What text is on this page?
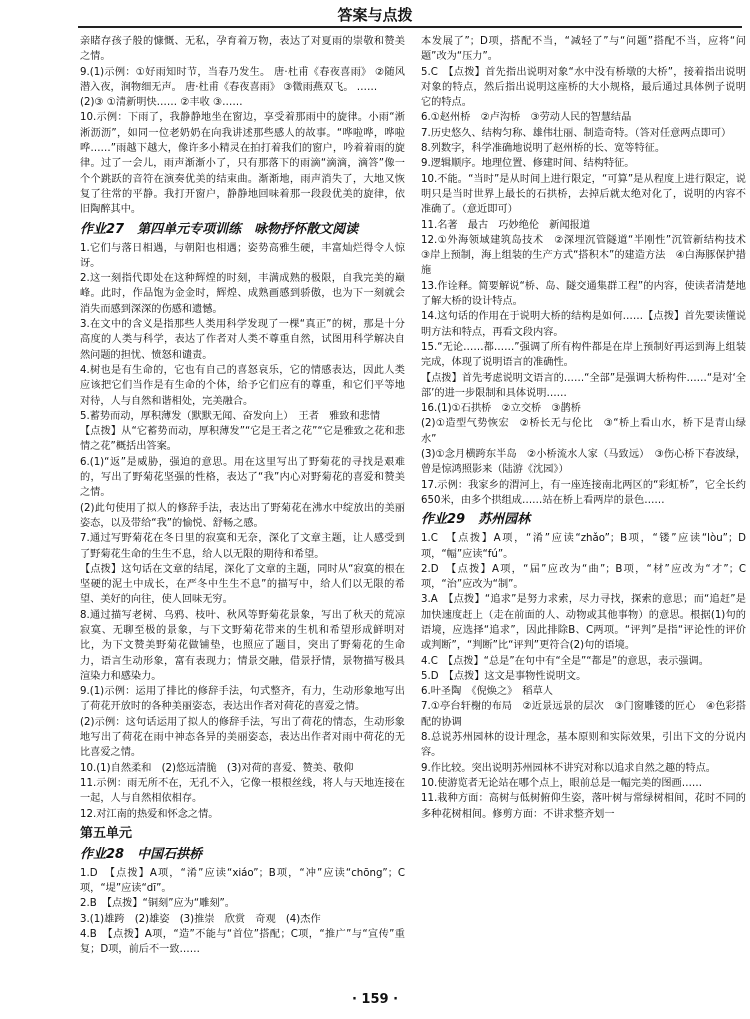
答案与点拨

亲睹存孩子般的慷慨、无私，孕育着万物，表达了对夏雨的崇敬和赞美之情。

9.(1)示例：①好雨知时节，当春乃发生。 唐·杜甫《春夜喜雨》 ②随风潜入夜，润物细无声。 唐·杜甫《春夜喜雨》 ③微雨燕双飞。 ……

(2)③ ①清新明快…… ②丰收 ③……

10.示例：下雨了，我静静地坐在窗边，享受着那雨中的旋律。小雨“淅淅沥沥”，如同一位老奶奶在向我讲述那些感人的故事。“哗啦哗，哗啦哗……”雨越下越大，像许多小精灵在拍打着我们的窗户，吟着着雨的旋律。过了一会儿，雨声渐渐小了，只有那落下的雨滴“滴滴，滴答”像一个个跳跃的音符在演奏优美的结束曲。渐渐地，雨声消失了，大地又恢复了往常的平静。我打开窗户，静静地回味着那一段段优美的旋律，依旧陶醉其中。

作业27　第四单元专项训练　咏物抒怀散文阅读

1.它们与落日相遇，与朝阳也相遇；姿势高雅生硬，丰富灿烂得令人惊讶。

2.这一刻指代即处在这种辉煌的时刻，丰满成熟的极限，自我完美的巅峰。此时，作品饱为金金时，辉煌、成熟画感到骄傲，也为下一刻就会消失而感到深深的伤感和遗憾。

3.在文中的含义是指那些人类用科学发现了一棵“真正”的树，那是十分高度的人类与科学，表达了作者对人类不尊重自然，试图用科学解决自然问题的担忧、愤怒和谴责。

4.树也是有生命的，它也有自己的喜怒哀乐，它的情感表达，因此人类应该把它们当作是有生命的个体，给予它们应有的尊重，和它们平等地对待，人与自然和谐相处，完美融合。

5.蓄势而动，厚积薄发（默默无闻、奋发向上）　王者　雅致和悲情

【点拨】从“它蓄势而动，厚积薄发”“它是王者之花”“它是雅致之花和悲情之花”概括出答案。

6.(1)“返”是威胁，强迫的意思。用在这里写出了野菊花的寻找是艰难的，写出了野菊花坚强的性格，表达了“我”内心对野菊花的喜爱和赞美之情。

(2)此句使用了拟人的修辞手法，表达出了野菊花在沸水中绽放出的美丽姿态，以及带给“我”的愉悦、舒畅之感。

7.通过写野菊花在冬日里的寂寞和无奈，深化了文章主题，让人感受到了野菊花生命的生生不息，给人以无限的期待和希望。

【点拨】这句话在文章的结尾，深化了文章的主题，同时从“寂寞的根在坚硬的泥土中成长，在严冬中生生不息”的描写中，给人们以无限的希望、美好的向往，使人回味无穷。

8.通过描写老树、乌鸦、枝叶、秋风等野菊花景象，写出了秋天的荒凉寂寞、无聊至极的景象，与下文野菊花带来的生机和希望形成鲜明对比，为下文赞美野菊花做铺垫，也照应了题目，突出了野菊花的生命力，语言生动形象，富有表现力；情景交融，借景抒情，景物描写极具渲染力和感染力。

9.(1)示例：运用了排比的修辞手法，句式整齐，有力，生动形象地写出了荷花开放时的各种美丽姿态，表达出作者对荷花的喜爱之情。

(2)示例：这句话运用了拟人的修辞手法，写出了荷花的情态，生动形象地写出了荷花在雨中神态各异的美丽姿态，表达出作者对雨中荷花的无比喜爱之情。

10.(1)自然柔和　(2)悠远清脆　(3)对荷的喜爱、赞美、敬仰

11.示例：雨无所不在，无孔不入，它像一根根丝线，将人与天地连接在一起，人与自然相依相存。

12.对江南的热爱和怀念之情。

第五单元

作业28　中国石拱桥

1.D　【点拨】A项，“淆”应读“xiáo”；B项，“冲”应读“chōng”；C项，“堤”应读“dī”。

2.B　【点拨】“铜刻”应为“雕刻”。

3.(1)雄跨　(2)雄姿　(3)推崇　欣赏　奇观　(4)杰作

4.B　【点拨】A项，“造”不能与“首位”搭配；C项，“推广”与“宣传”重复；D项，前后不一致……

本发展了”；D项，搭配不当，“减轻了”与“问题”搭配不当，应将“问题”改为“压力”。

5.C　【点拨】首先指出说明对象“水中没有桥墩的大桥”，接着指出说明对象的特点，然后指出说明这座桥的大小规格，最后通过具体例子说明它的特点。

6.①赵州桥　②卢沟桥　③劳动人民的智慧结晶

7.历史悠久、结构匀称、雄伟壮丽、制造奇特。（答对任意两点即可）

8.列数字，科学准确地说明了赵州桥的长、宽等特征。

9.逻辑顺序。地理位置、修建时间、结构特征。

10.不能。“当时”是从时间上进行限定，“可算”是从程度上进行限定，说明只是当时世界上最长的石拱桥，去掉后就太绝对化了，说明的内容不准确了。（意近即可）

11.名著　最古　巧妙绝伦　新闻报道

12.①外海领域建筑岛技术　②深埋沉管隧道“半刚性”沉管新结构技术　③岸上预制，海上组装的生产方式“搭积木”的建造方法　④白海豚保护措施

13.作诠释。简要解说“桥、岛、隧交通集群工程”的内容，使读者清楚地了解大桥的设计特点。

14.这句话的作用在于说明大桥的结构是如何……【点拨】首先要读懂说明方法和特点，再看文段内容。

15.“无论……都……”强调了所有构件都是在岸上预制好再运到海上组装完成，体现了说明语言的准确性。

【点拨】首先考虑说明文语言的……“全部”是强调大桥构件……“是对‘全部’的进一步限制和具体说明……

16.(1)①石拱桥　②立交桥　③鹊桥

(2)①造型气势恢宏　②桥长无与伦比　③“桥上看山水，桥下是青山绿水”

(3)①念月横跨东半岛　②小桥流水人家（马致远）　③伤心桥下春波绿，曾是惊鸿照影来（陆游《沈园》）

17.示例：我家乡的渭河上，有一座连接南北两区的“彩虹桥”，它全长约650米，由多个拱组成……站在桥上看两岸的景色……

作业29　苏州园林

1.C　【点拨】A项，“淆”应读“zhǎo”；B项，“镂”应读“lòu”；D项，“幅”应读“fú”。

2.D　【点拨】A项，“届”应改为“曲”；B项，“材”应改为“才”；C项，“治”应改为“制”。

3.A　【点拨】“追求”是努力求索，尽力寻找，探索的意思；而“追赶”是加快速度赶上（走在前面的人、动物或其他事物）的意思。根据(1)句的语境，应选择“追求”，因此排除B、C两项。“评判”是指“评论性的评价或判断”，“判断”比“评判”更符合(2)句的语境。

4.C　【点拨】“总是”在句中有“全是”“都是”的意思，表示强调。

5.D　【点拨】这文是事物性说明文。

6.叶圣陶　《倪焕之》　稻草人

7.①亭台轩榭的布局　②近景远景的层次　③门窗雕镂的匠心　④色彩搭配的协调

8.总说苏州园林的设计理念，基本原则和实际效果，引出下文的分说内容。

9.作比较。突出说明苏州园林不讲究对称以追求自然之趣的特点。

10.使游览者无论站在哪个点上，眼前总是一幅完美的图画……

11.栽种方面：高树与低树俯仰生姿，落叶树与常绿树相间，花时不同的多种花树相间。修剪方面：不讲求整齐划一

· 159 ·
